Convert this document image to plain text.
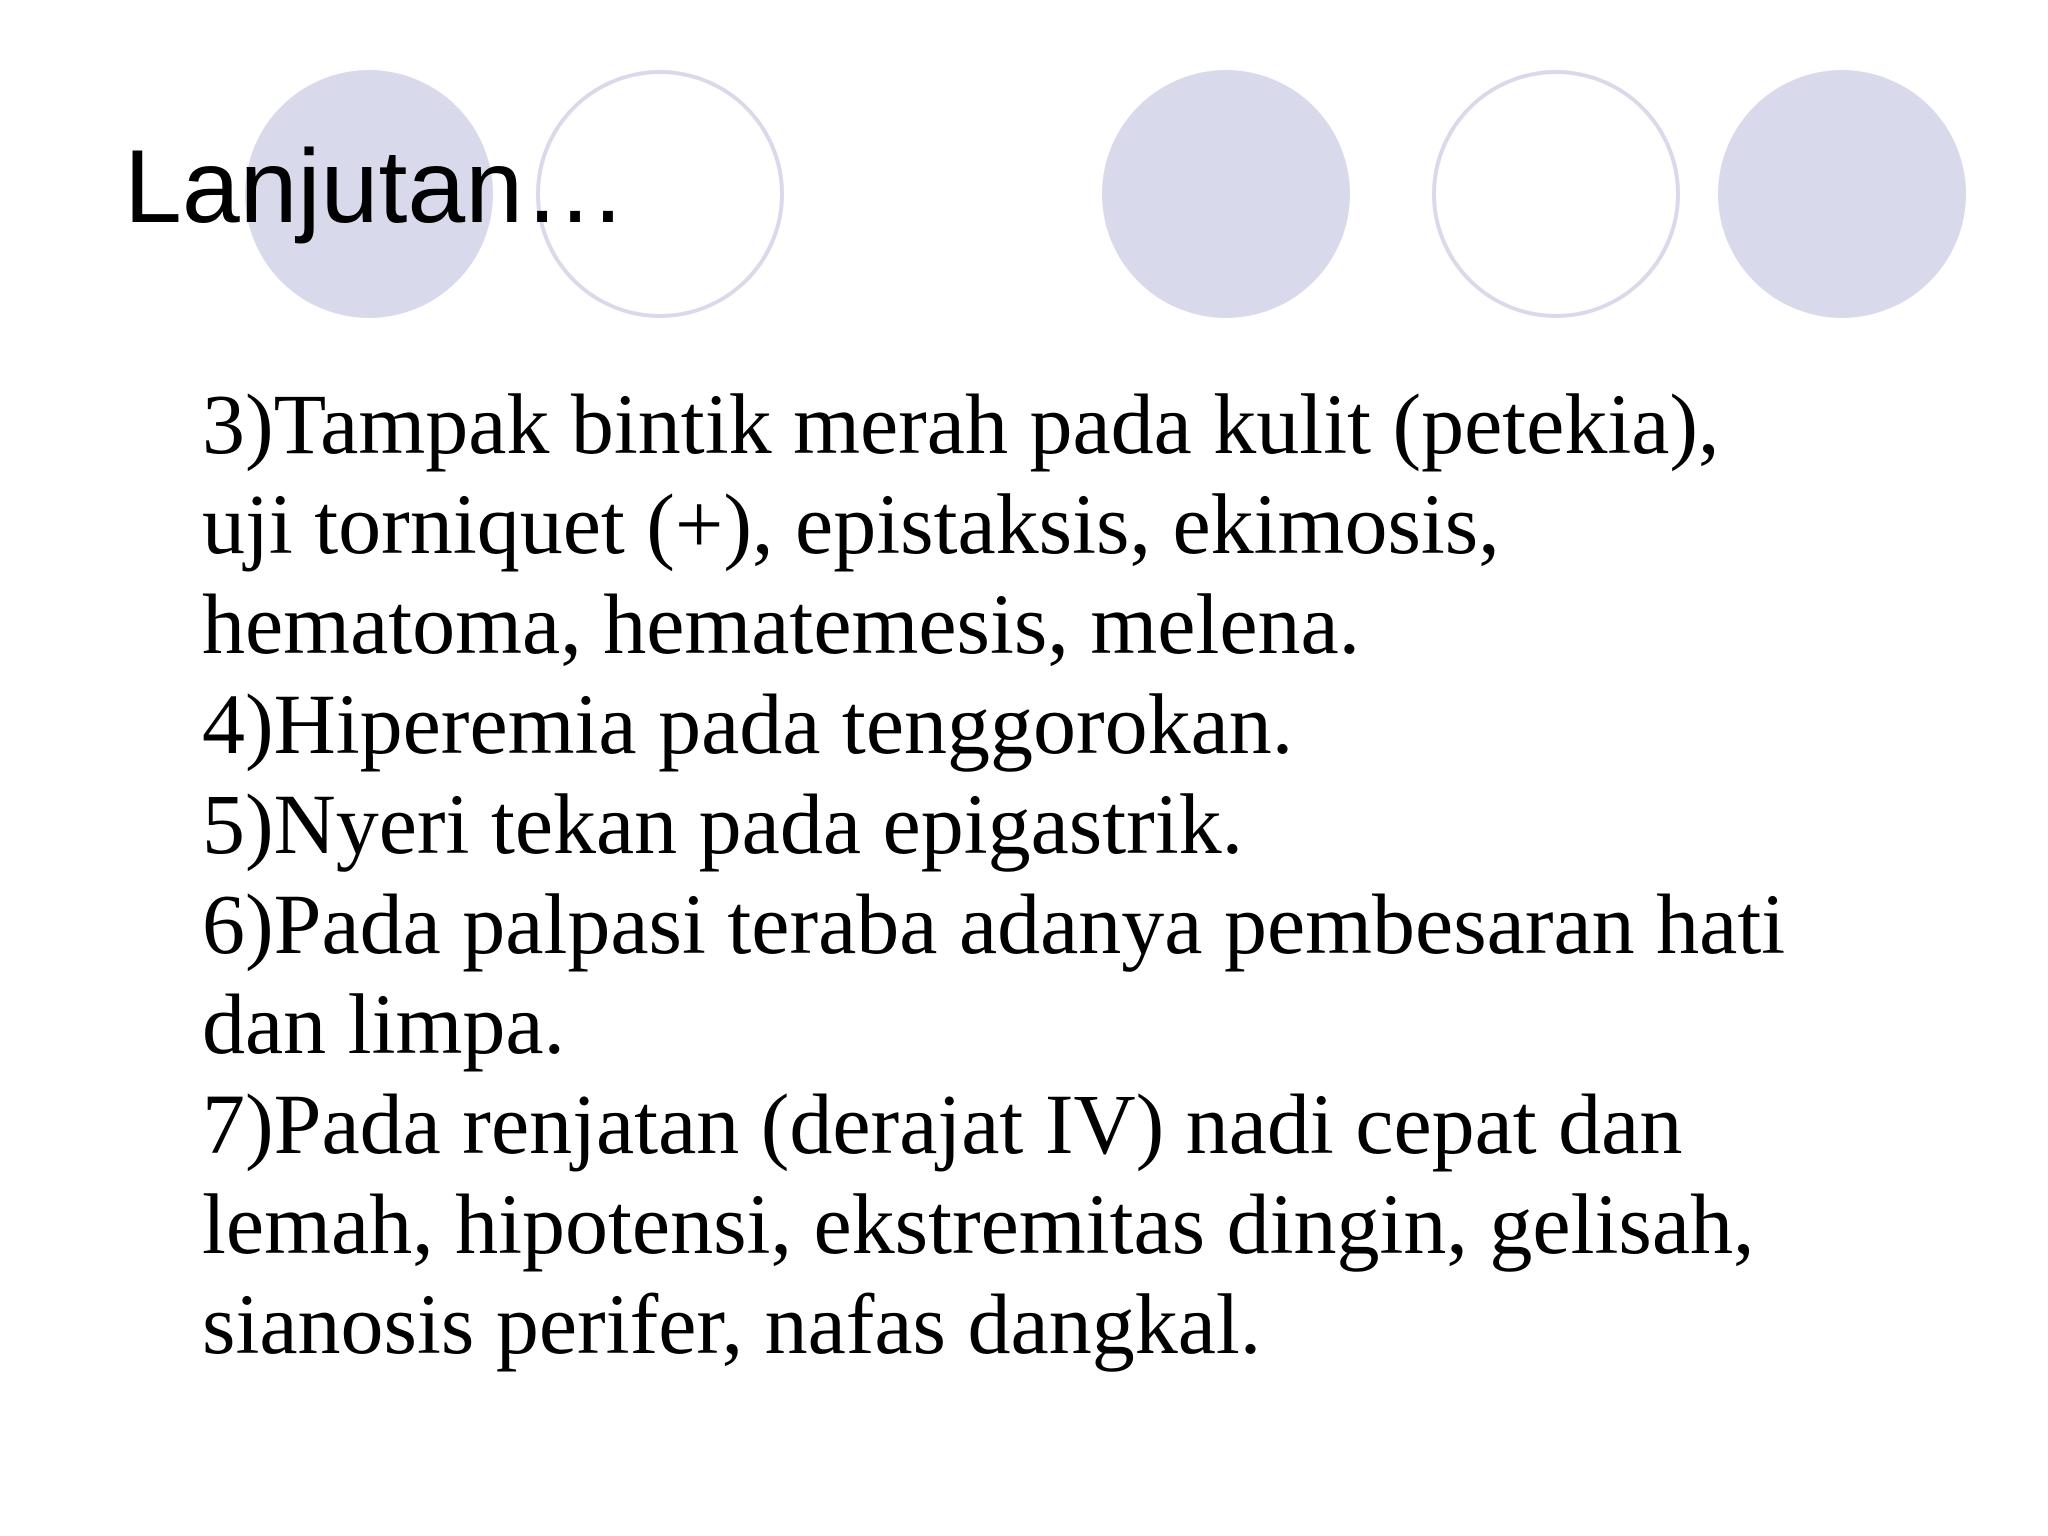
Lanjutan…
3)Tampak bintik merah pada kulit (petekia),
uji torniquet (+), epistaksis, ekimosis,
hematoma, hematemesis, melena.
4)Hiperemia pada tenggorokan.
5)Nyeri tekan pada epigastrik.
6)Pada palpasi teraba adanya pembesaran hati
dan limpa.
7)Pada renjatan (derajat IV) nadi cepat dan
lemah, hipotensi, ekstremitas dingin, gelisah,
sianosis perifer, nafas dangkal.
